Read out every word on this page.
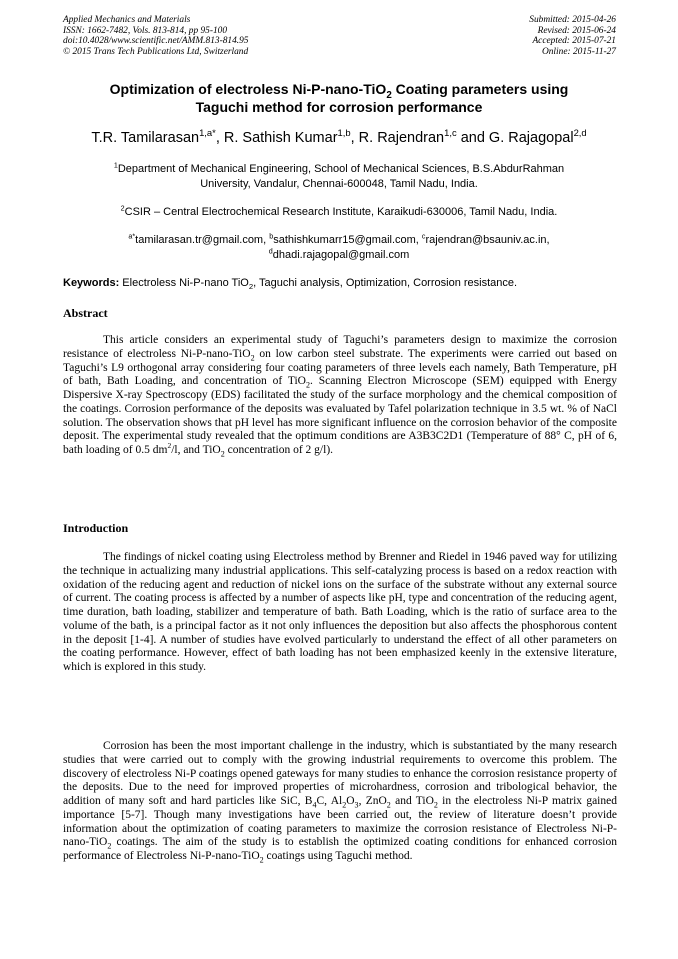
Applied Mechanics and Materials
ISSN: 1662-7482, Vols. 813-814, pp 95-100
doi:10.4028/www.scientific.net/AMM.813-814.95
© 2015 Trans Tech Publications Ltd, Switzerland
Submitted: 2015-04-26
Revised: 2015-06-24
Accepted: 2015-07-21
Online: 2015-11-27
Optimization of electroless Ni-P-nano-TiO$_2$ Coating parameters using
Taguchi method for corrosion performance
T.R. Tamilarasan$^{1,a*}$, R. Sathish Kumar$^{1,b}$, R. Rajendran$^{1,c}$ and G. Rajagopal$^{2,d}$
$^1$Department of Mechanical Engineering, School of Mechanical Sciences, B.S.AbdurRahman
University, Vandalur, Chennai-600048, Tamil Nadu, India.
$^2$CSIR – Central Electrochemical Research Institute, Karaikudi-630006, Tamil Nadu, India.
$^{a*}$tamilarasan.tr@gmail.com, $^b$sathishkumarr15@gmail.com, $^c$rajendran@bsauniv.ac.in,
$^d$dhadi.rajagopal@gmail.com
Keywords: Electroless Ni-P-nano TiO$_2$, Taguchi analysis, Optimization, Corrosion resistance.
Abstract
This article considers an experimental study of Taguchi’s parameters design to maximize the corrosion resistance of electroless Ni-P-nano-TiO$_2$ on low carbon steel substrate. The experiments were carried out based on Taguchi’s L9 orthogonal array considering four coating parameters of three levels each namely, Bath Temperature, pH of bath, Bath Loading, and concentration of TiO$_2$. Scanning Electron Microscope (SEM) equipped with Energy Dispersive X-ray Spectroscopy (EDS) facilitated the study of the surface morphology and the chemical composition of the coatings. Corrosion performance of the deposits was evaluated by Tafel polarization technique in 3.5 wt. % of NaCl solution. The observation shows that pH level has more significant influence on the corrosion behavior of the composite deposit. The experimental study revealed that the optimum conditions are A3B3C2D1 (Temperature of 88° C, pH of 6, bath loading of 0.5 $dm^2/l$, and TiO$_2$ concentration of 2 g/l).
Introduction
The findings of nickel coating using Electroless method by Brenner and Riedel in 1946 paved way for utilizing the technique in actualizing many industrial applications. This self-catalyzing process is based on a redox reaction with oxidation of the reducing agent and reduction of nickel ions on the surface of the substrate without any external source of current. The coating process is affected by a number of aspects like pH, type and concentration of the reducing agent, time duration, bath loading, stabilizer and temperature of bath. Bath Loading, which is the ratio of surface area to the volume of the bath, is a principal factor as it not only influences the deposition but also affects the phosphorous content in the deposit [1-4]. A number of studies have evolved particularly to understand the effect of all other parameters on the coating performance. However, effect of bath loading has not been emphasized keenly in the extensive literature, which is explored in this study.
Corrosion has been the most important challenge in the industry, which is substantiated by the many research studies that were carried out to comply with the growing industrial requirements to overcome this problem. The discovery of electroless Ni-P coatings opened gateways for many studies to enhance the corrosion resistance property of the deposits. Due to the need for improved properties of microhardness, corrosion and tribological behavior, the addition of many soft and hard particles like SiC, $B_4C$, $Al_2O_3$, ZnO$_2$ and TiO$_2$ in the electroless Ni-P matrix gained importance [5-7]. Though many investigations have been carried out, the review of literature doesn’t provide information about the optimization of coating parameters to maximize the corrosion resistance of Electroless Ni-P-nano-TiO$_2$ coatings. The aim of the study is to establish the optimized coating conditions for enhanced corrosion performance of Electroless Ni-P-nano-TiO$_2$ coatings using Taguchi method.
